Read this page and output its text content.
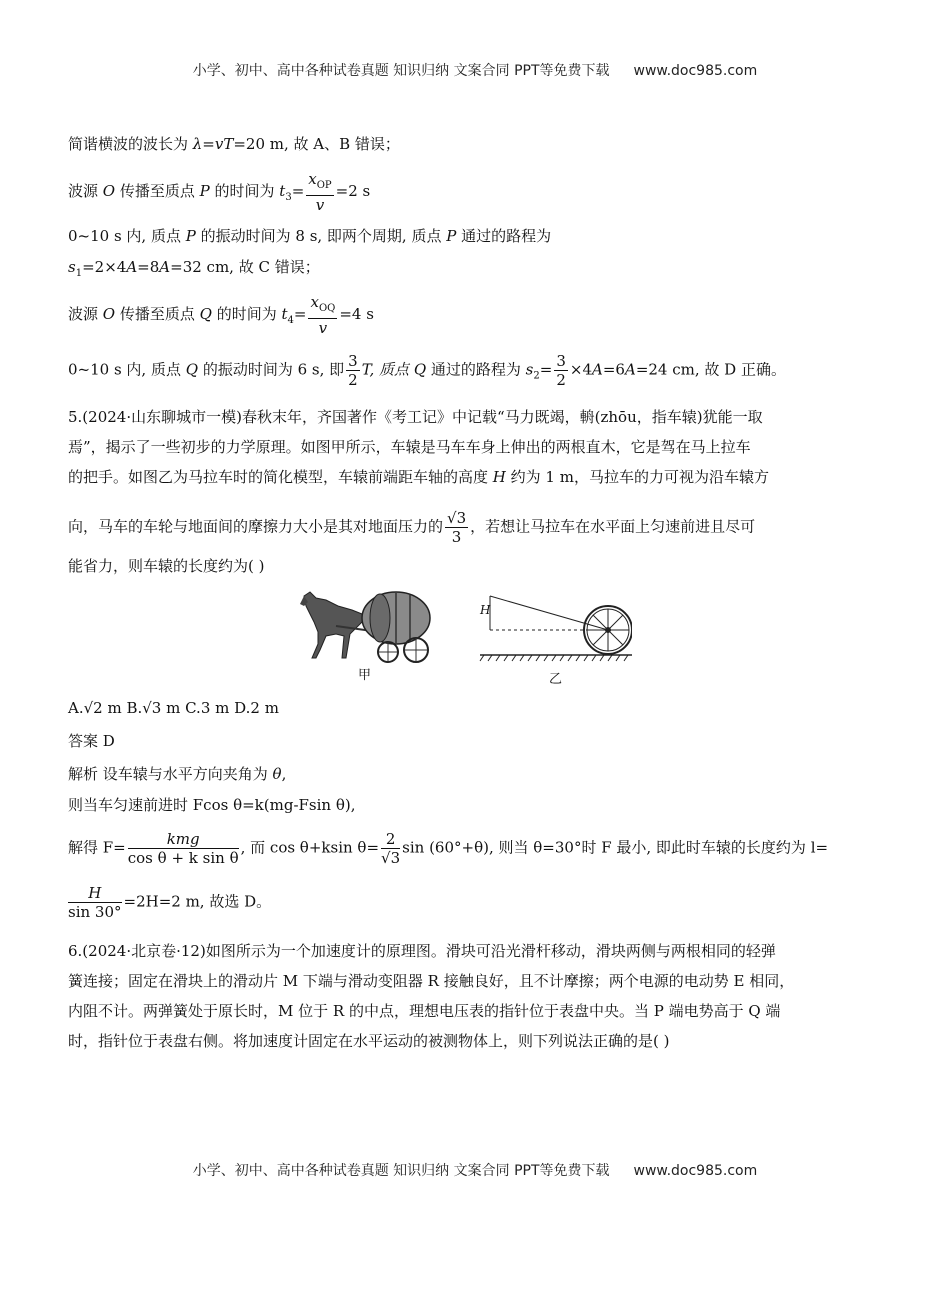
小学、初中、高中各种试卷真题 知识归纳 文案合同 PPT等免费下载 www.doc985.com
简谐横波的波长为 λ=vT=20 m, 故 A、B 错误；
波源 O 传播至质点 P 的时间为 $t_3= \frac{x_{OP}}{v} =2$ s
0~10 s 内, 质点 P 的振动时间为 8 s, 即两个周期, 质点 P 通过的路程为
$s_1=2\times 4A=8A=32$ cm, 故 C 错误；
波源 O 传播至质点 Q 的时间为 $t_4= \frac{x_{OQ}}{v} =4$ s
0~10 s 内, 质点 Q 的振动时间为 6 s, 即 $\frac{3}{2} T$, 质点 Q 通过的路程为 $s_2= \frac{3}{2} \times 4A=6A=24$ cm, 故 D 正确。
5.(2024·山东聊城市一模)春秋末年，齐国著作《考工记》中记载“马力既竭，輈(zhōu，指车辕)犹能一取
焉”，揭示了一些初步的力学原理。如图甲所示，车辕是马车车身上伸出的两根直木，它是驾在马上拉车
的把手。如图乙为马拉车时的简化模型，车辕前端距车轴的高度 H 约为 1 m，马拉车的力可视为沿车辕方
向，马车的车轮与地面间的摩擦力大小是其对地面压力的 $\frac{√3}{3}$ ，若想让马拉车在水平面上匀速前进且尽可
能省力，则车辕的长度约为( )
甲
H
乙
A.√2 m B.√3 m C.3 m D.2 m
答案 D
解析 设车辕与水平方向夹角为 θ,
则当车匀速前进时 Fcos θ=k(mg-Fsin θ),
解得 $F= \frac{\text{kmg}}{\text{cos θ + k sin θ}}$ , 而 cos θ+ksin $\theta= \frac{2}{√3}$ sin (60°+θ), 则当 θ=30°时 F 最小, 即此时车辕的长度约为 l=
$\frac{H}{\sin 30^\circ} =2H=2$ m, 故选 D。
6.(2024·北京卷·12)如图所示为一个加速度计的原理图。滑块可沿光滑杆移动，滑块两侧与两根相同的轻弹
簧连接；固定在滑块上的滑动片 M 下端与滑动变阻器 R 接触良好，且不计摩擦；两个电源的电动势 E 相同，
内阻不计。两弹簧处于原长时，M 位于 R 的中点，理想电压表的指针位于表盘中央。当 P 端电势高于 Q 端
时，指针位于表盘右侧。将加速度计固定在水平运动的被测物体上，则下列说法正确的是( )
小学、初中、高中各种试卷真题 知识归纳 文案合同 PPT等免费下载 www.doc985.com
